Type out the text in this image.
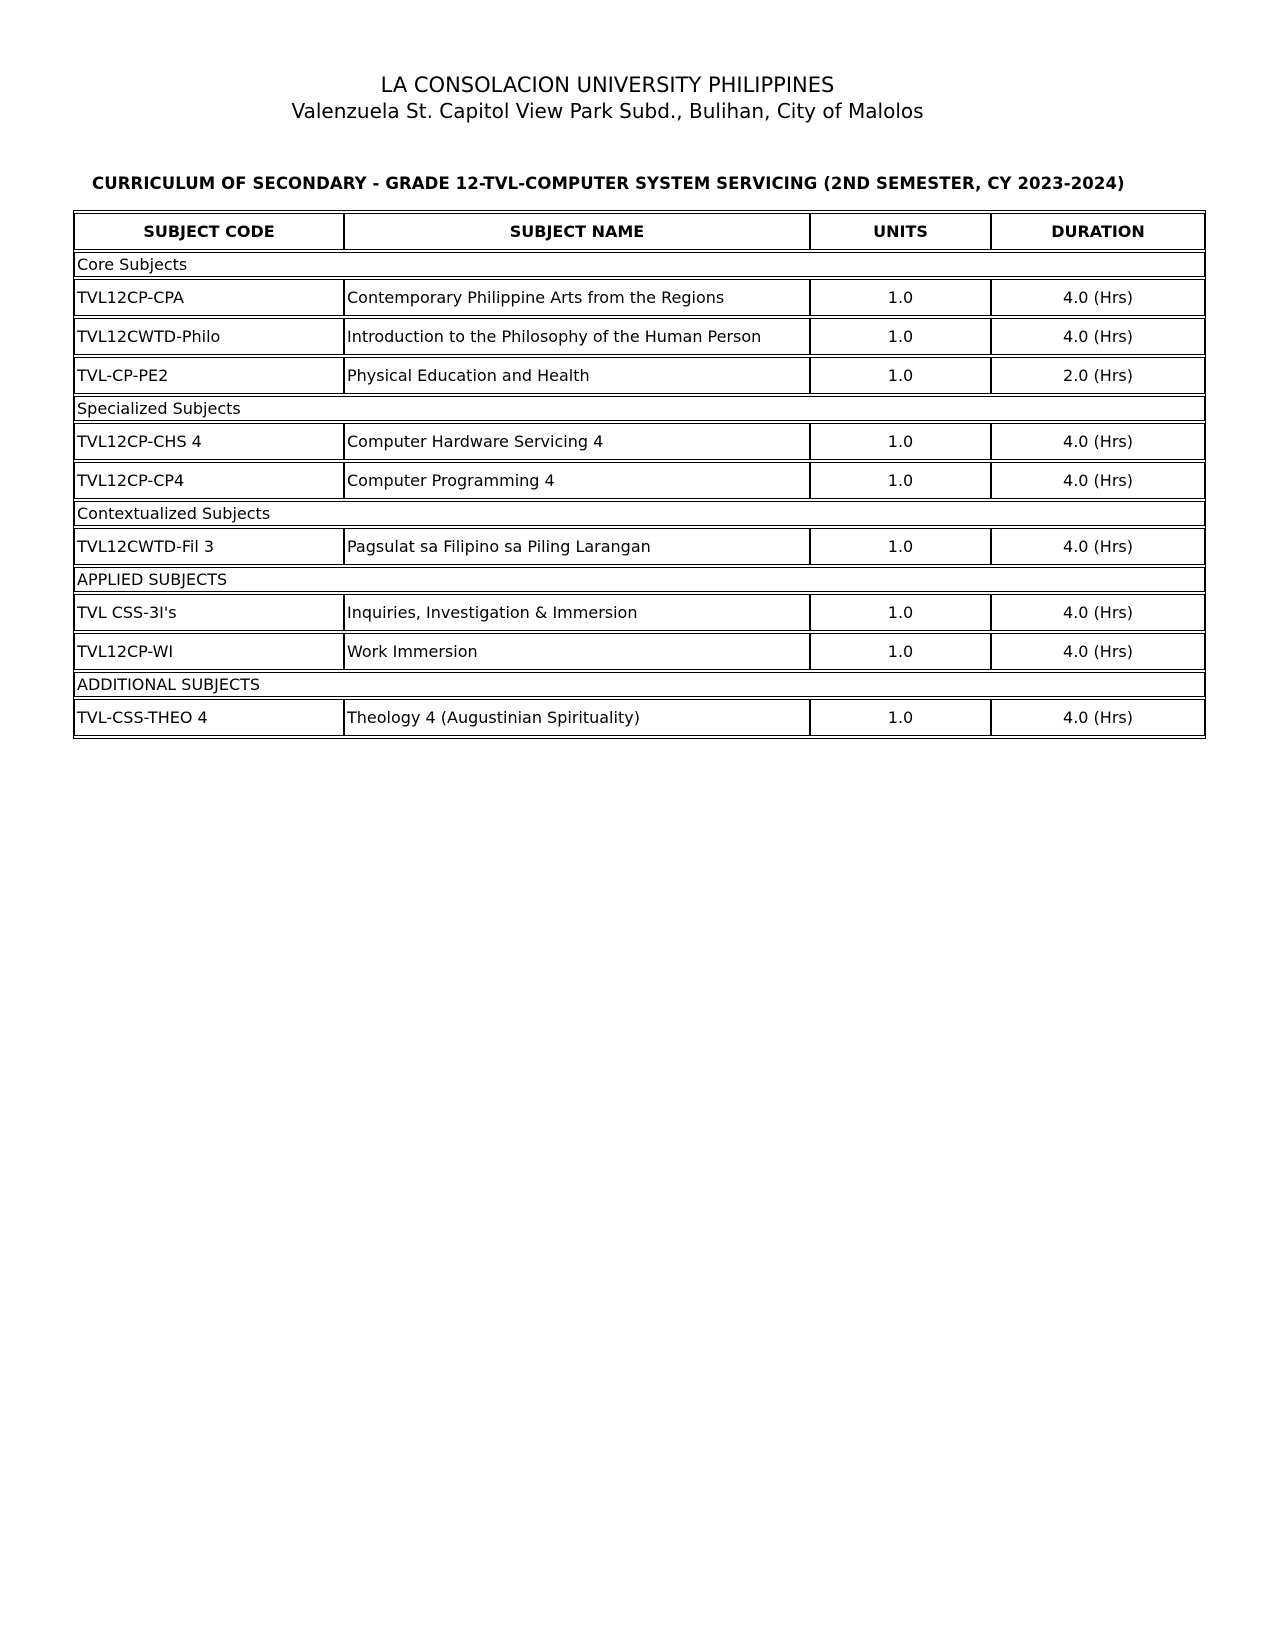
LA CONSOLACION UNIVERSITY PHILIPPINES
Valenzuela St. Capitol View Park Subd., Bulihan, City of Malolos
CURRICULUM OF SECONDARY - GRADE 12-TVL-COMPUTER SYSTEM SERVICING (2ND SEMESTER, CY 2023-2024)
SUBJECT CODE	SUBJECT NAME	UNITS	DURATION
Core Subjects			
TVL12CP-CPA	Contemporary Philippine Arts from the Regions	1.0	4.0 (Hrs)
TVL12CWTD-Philo	Introduction to the Philosophy of the Human Person	1.0	4.0 (Hrs)
TVL-CP-PE2	Physical Education and Health	1.0	2.0 (Hrs)
Specialized Subjects			
TVL12CP-CHS 4	Computer Hardware Servicing 4	1.0	4.0 (Hrs)
TVL12CP-CP4	Computer Programming 4	1.0	4.0 (Hrs)
Contextualized Subjects			
TVL12CWTD-Fil 3	Pagsulat sa Filipino sa Piling Larangan	1.0	4.0 (Hrs)
APPLIED SUBJECTS			
TVL CSS-3I's	Inquiries, Investigation & Immersion	1.0	4.0 (Hrs)
TVL12CP-WI	Work Immersion	1.0	4.0 (Hrs)
ADDITIONAL SUBJECTS			
TVL-CSS-THEO 4	Theology 4 (Augustinian Spirituality)	1.0	4.0 (Hrs)
